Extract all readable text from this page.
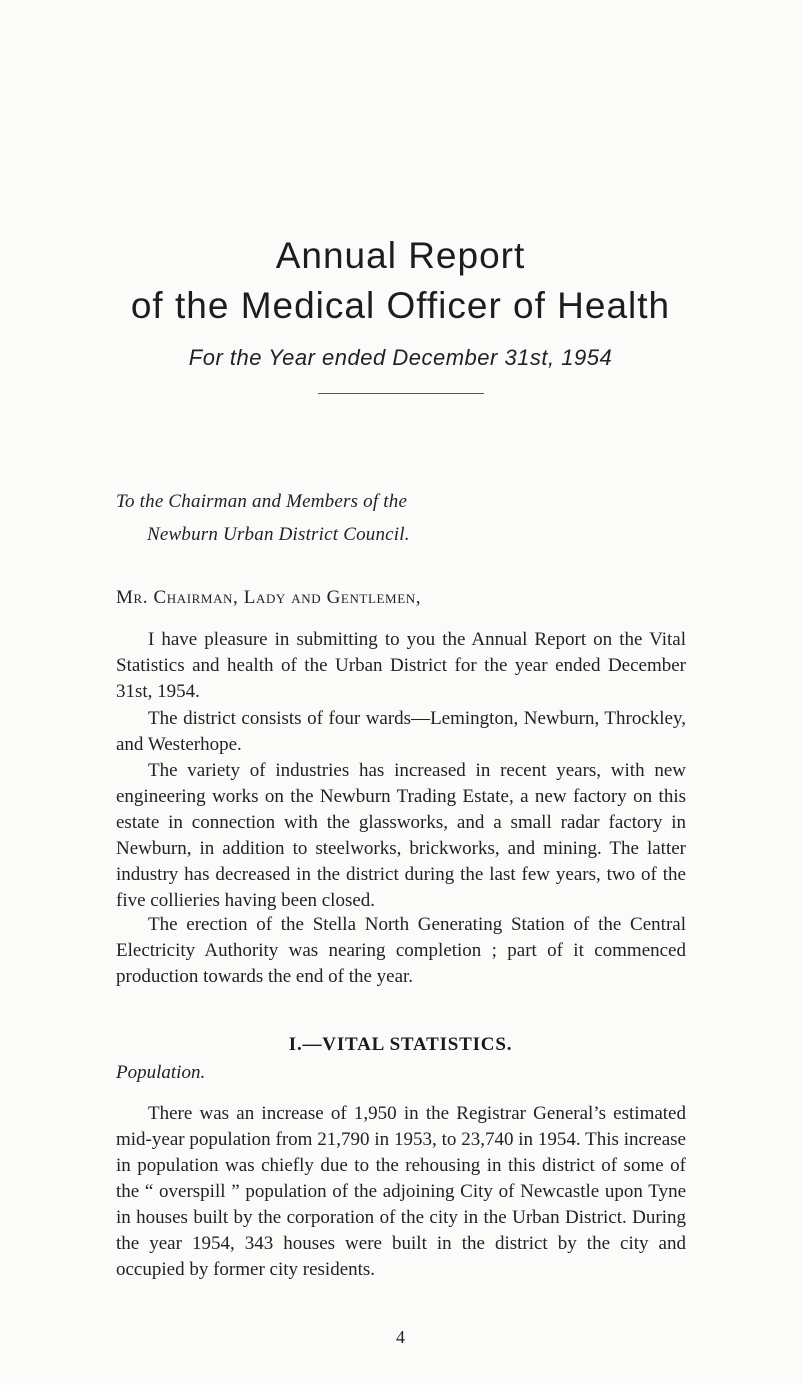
Annual Report
of the Medical Officer of Health
For the Year ended December 31st, 1954
To the Chairman and Members of the
Newburn Urban District Council.
Mr. Chairman, Lady and Gentlemen,

I have pleasure in submitting to you the Annual Report on the Vital Statistics and health of the Urban District for the year ended December 31st, 1954.

The district consists of four wards—Lemington, Newburn, Throckley, and Westerhope.

The variety of industries has increased in recent years, with new engineering works on the Newburn Trading Estate, a new factory on this estate in connection with the glassworks, and a small radar factory in Newburn, in addition to steelworks, brickworks, and mining. The latter industry has decreased in the district during the last few years, two of the five collieries having been closed.

The erection of the Stella North Generating Station of the Central Electricity Authority was nearing completion ; part of it commenced production towards the end of the year.

I.—VITAL STATISTICS.
Population.

There was an increase of 1,950 in the Registrar General’s estimated mid-year population from 21,790 in 1953, to 23,740 in 1954. This increase in population was chiefly due to the rehousing in this district of some of the “ overspill ” population of the adjoining City of Newcastle upon Tyne in houses built by the corporation of the city in the Urban District. During the year 1954, 343 houses were built in the district by the city and occupied by former city residents.

4
